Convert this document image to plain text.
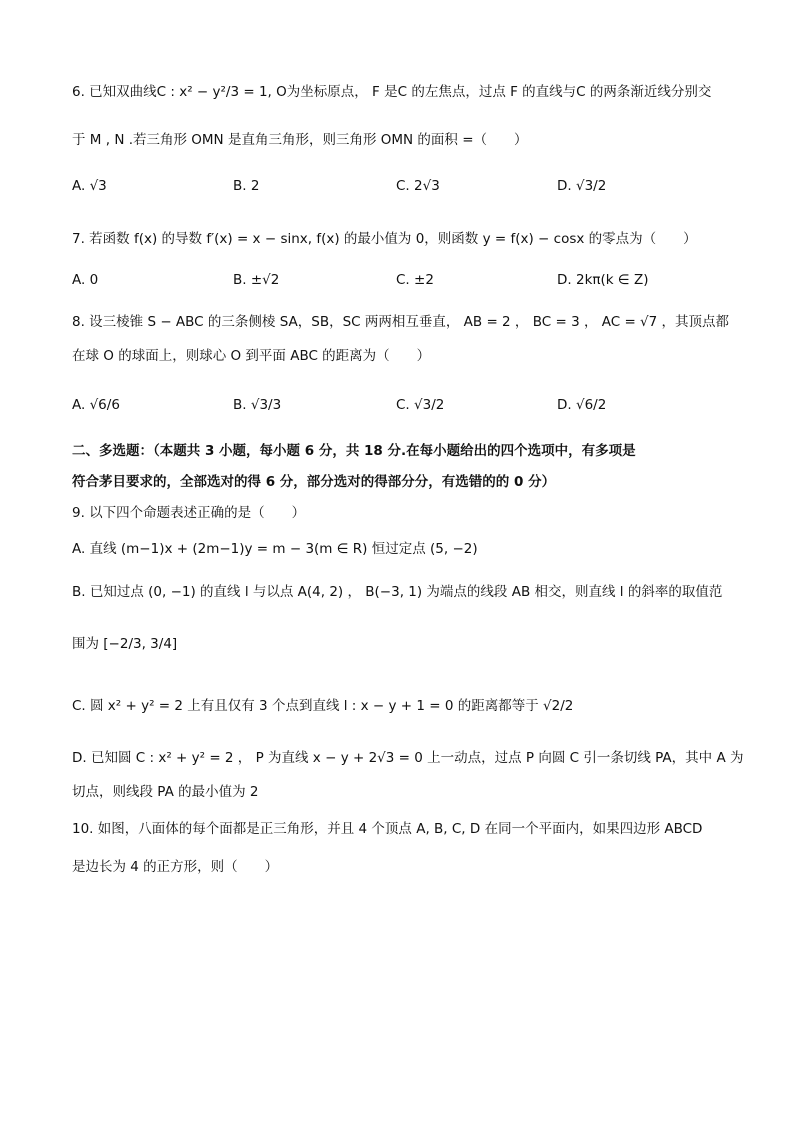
6. 已知双曲线C : x² − y²/3 = 1, O为坐标原点， F 是C 的左焦点，过点 F 的直线与C 的两条渐近线分别交
于 M , N .若三角形 OMN 是直角三角形，则三角形 OMN 的面积 =（　　）
A. √3	B. 2	C. 2√3	D. √3/2
7. 若函数 f(x) 的导数 f′(x) = x − sinx, f(x) 的最小值为 0，则函数 y = f(x) − cosx 的零点为（　　）
A. 0	B. ±√2	C. ±2	D. 2kπ(k ∈ Z)
8. 设三棱锥 S − ABC 的三条侧棱 SA，SB，SC 两两相互垂直， AB = 2 ， BC = 3 ， AC = √7 ，其顶点都
在球 O 的球面上，则球心 O 到平面 ABC 的距离为（　　）
A. √6/6	B. √3/3	C. √3/2	D. √6/2
二、多选题：（本题共 3 小题，每小题 6 分，共 18 分.在每小题给出的四个选项中，有多项是
符合茅目要求的，全部选对的得 6 分，部分选对的得部分分，有选错的的 0 分）
9. 以下四个命题表述正确的是（　　）
A. 直线 (m−1)x + (2m−1)y = m − 3(m ∈ R) 恒过定点 (5, −2)
B. 已知过点 (0, −1) 的直线 l 与以点 A(4, 2) ， B(−3, 1) 为端点的线段 AB 相交，则直线 l 的斜率的取值范
围为 [−2/3, 3/4]
C. 圆 x² + y² = 2 上有且仅有 3 个点到直线 l : x − y + 1 = 0 的距离都等于 √2/2
D. 已知圆 C : x² + y² = 2 ， P 为直线 x − y + 2√3 = 0 上一动点，过点 P 向圆 C 引一条切线 PA，其中 A 为
切点，则线段 PA 的最小值为 2
10. 如图，八面体的每个面都是正三角形，并且 4 个顶点 A, B, C, D 在同一个平面内，如果四边形 ABCD
是边长为 4 的正方形，则（　　）
